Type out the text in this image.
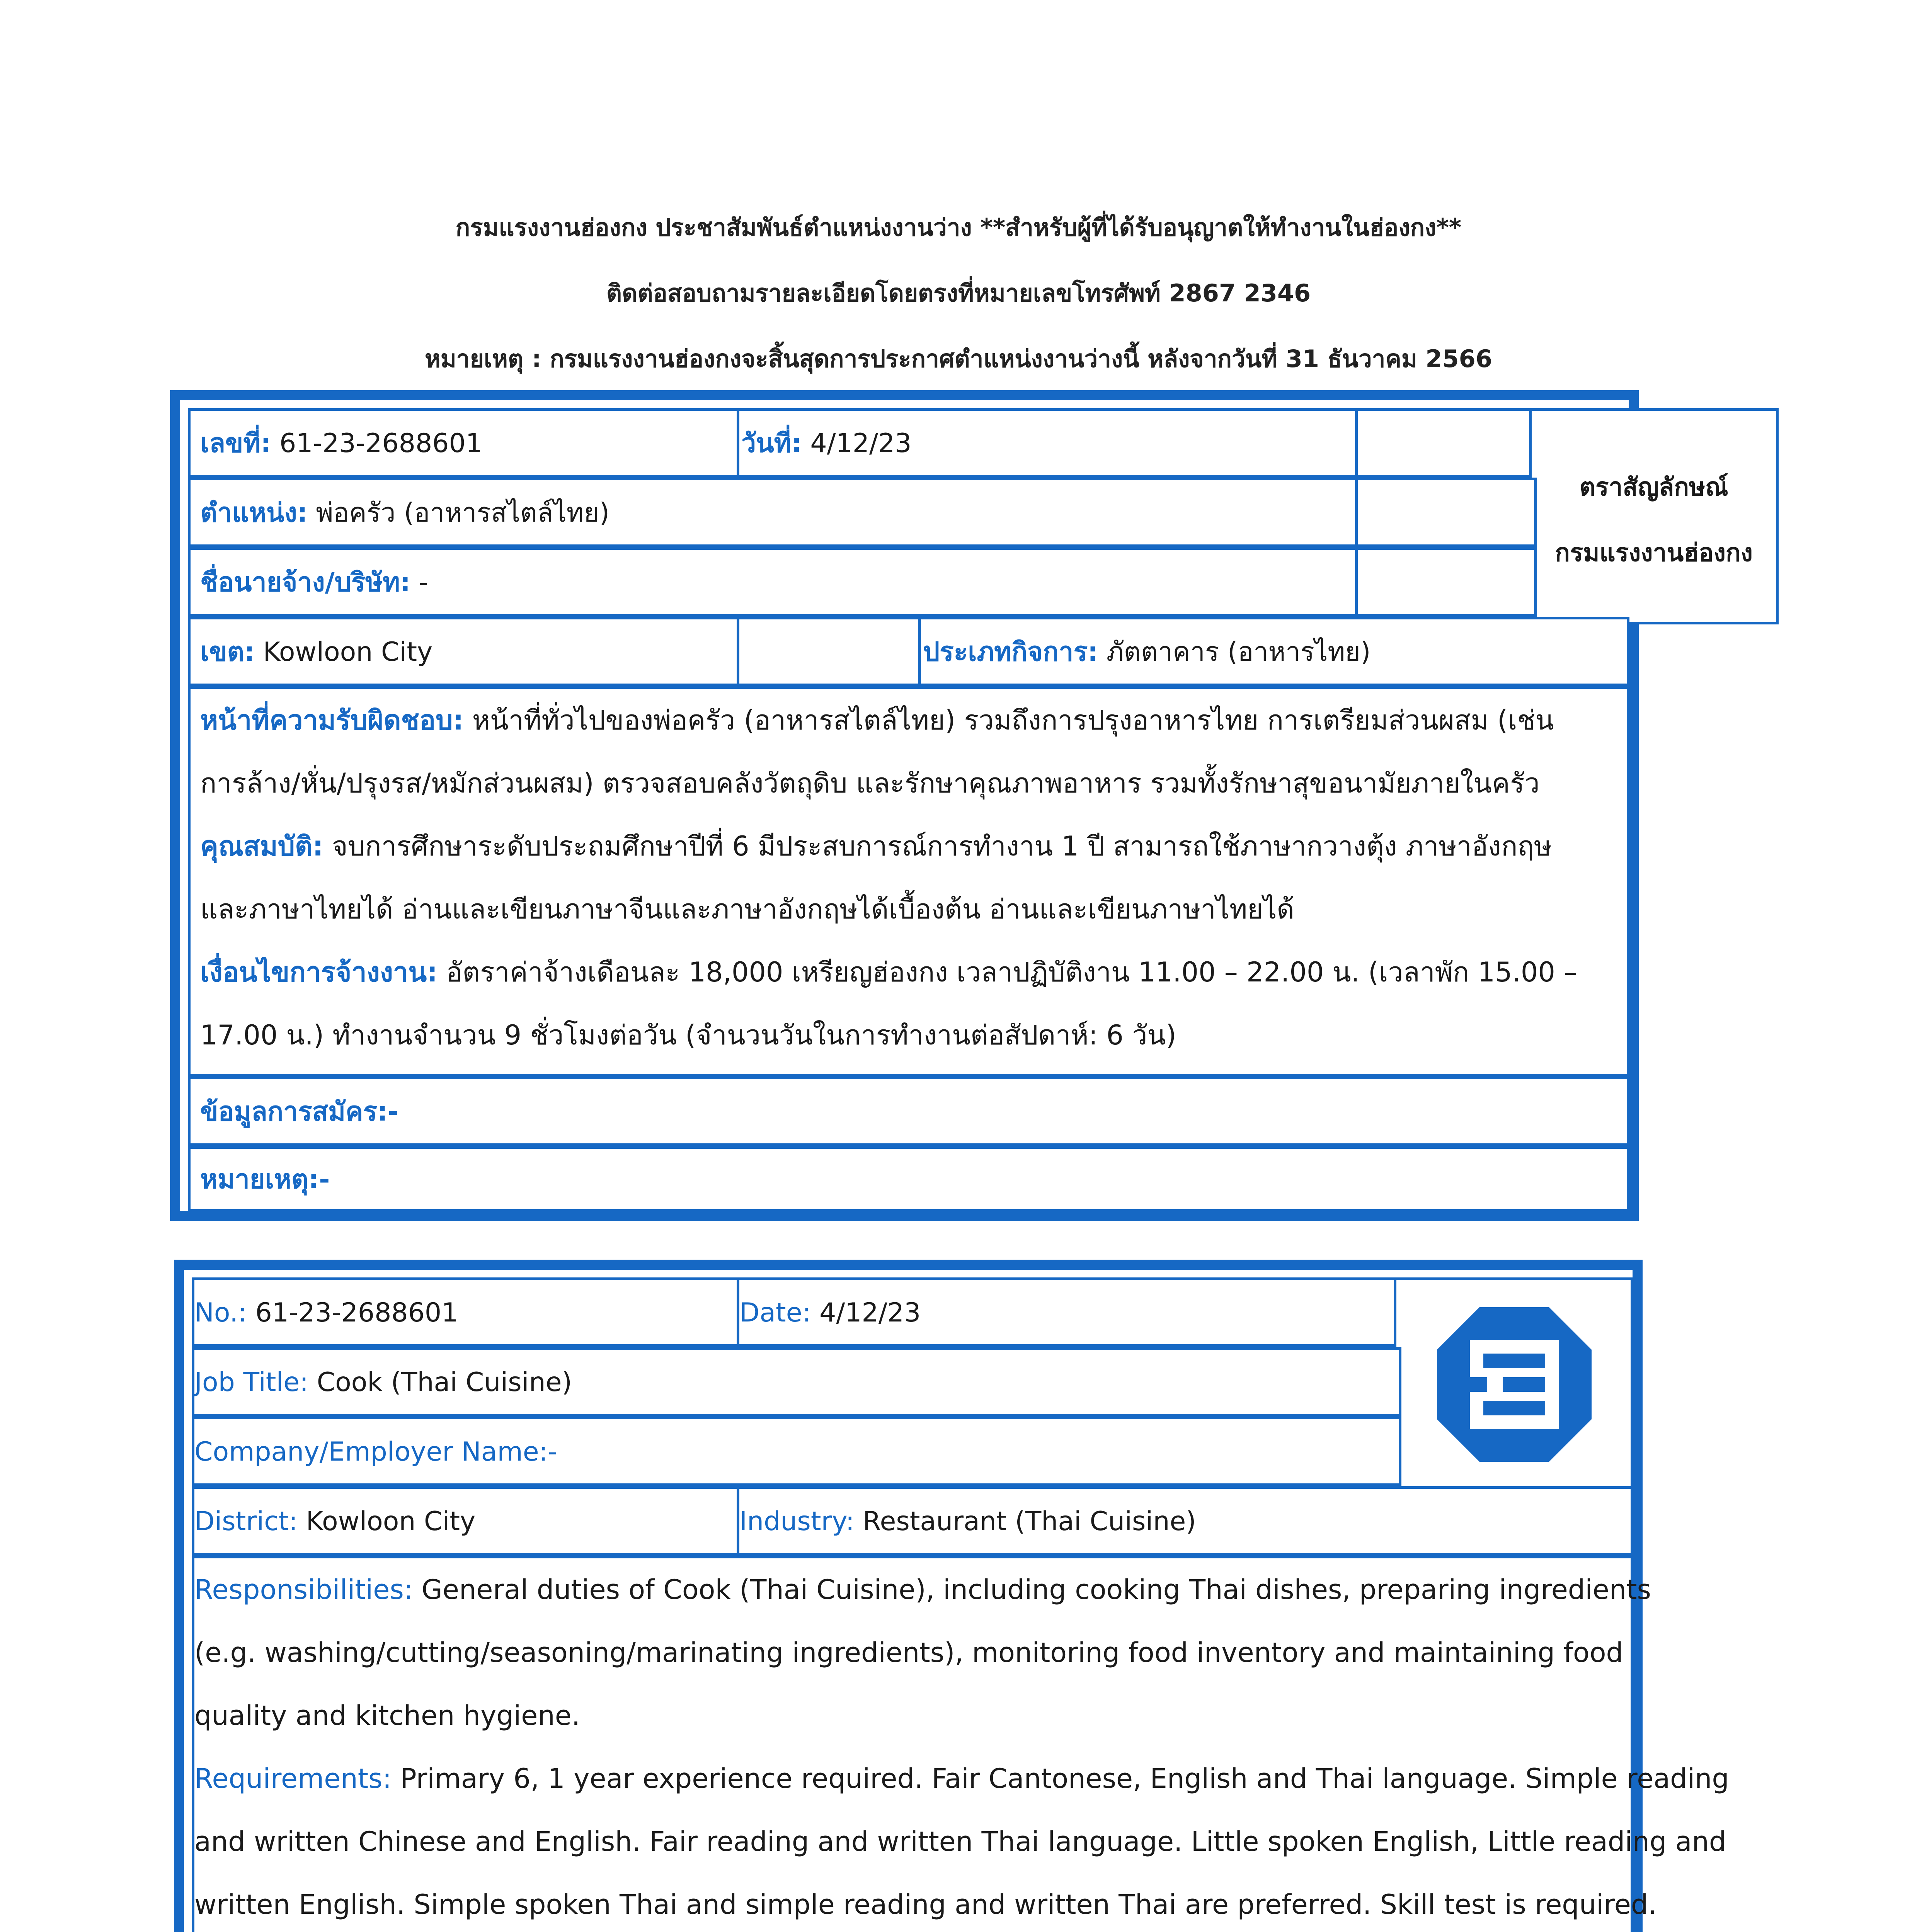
กรมแรงงานฮ่องกง ประชาสัมพันธ์ตำแหน่งงานว่าง **สำหรับผู้ที่ได้รับอนุญาตให้ทำงานในฮ่องกง**
ติดต่อสอบถามรายละเอียดโดยตรงที่หมายเลขโทรศัพท์ 2867 2346
หมายเหตุ : กรมแรงงานฮ่องกงจะสิ้นสุดการประกาศตำแหน่งงานว่างนี้ หลังจากวันที่ 31 ธันวาคม 2566
เลขที่: 61-23-2688601	วันที่: 4/12/23
ตราสัญลักษณ์
กรมแรงงานฮ่องกง
ตำแหน่ง: พ่อครัว (อาหารสไตล์ไทย)
ชื่อนายจ้าง/บริษัท: -
เขต: Kowloon City	ประเภทกิจการ: ภัตตาคาร (อาหารไทย)
หน้าที่ความรับผิดชอบ: หน้าที่ทั่วไปของพ่อครัว (อาหารสไตล์ไทย) รวมถึงการปรุงอาหารไทย การเตรียมส่วนผสม (เช่น
การล้าง/หั่น/ปรุงรส/หมักส่วนผสม) ตรวจสอบคลังวัตถุดิบ และรักษาคุณภาพอาหาร รวมทั้งรักษาสุขอนามัยภายในครัว
คุณสมบัติ: จบการศึกษาระดับประถมศึกษาปีที่ 6 มีประสบการณ์การทำงาน 1 ปี สามารถใช้ภาษากวางตุ้ง ภาษาอังกฤษ
และภาษาไทยได้ อ่านและเขียนภาษาจีนและภาษาอังกฤษได้เบื้องต้น อ่านและเขียนภาษาไทยได้
เงื่อนไขการจ้างงาน: อัตราค่าจ้างเดือนละ 18,000 เหรียญฮ่องกง เวลาปฏิบัติงาน 11.00 – 22.00 น. (เวลาพัก 15.00 –
17.00 น.) ทำงานจำนวน 9 ชั่วโมงต่อวัน (จำนวนวันในการทำงานต่อสัปดาห์: 6 วัน)
ข้อมูลการสมัคร:-
หมายเหตุ:-
No.: 61-23-2688601	Date: 4/12/23
Job Title: Cook (Thai Cuisine)
Company/Employer Name:-
District: Kowloon City	Industry: Restaurant (Thai Cuisine)
Responsibilities: General duties of Cook (Thai Cuisine), including cooking Thai dishes, preparing ingredients
(e.g. washing/cutting/seasoning/marinating ingredients), monitoring food inventory and maintaining food
quality and kitchen hygiene.
Requirements: Primary 6, 1 year experience required. Fair Cantonese, English and Thai language. Simple reading
and written Chinese and English. Fair reading and written Thai language. Little spoken English, Little reading and
written English. Simple spoken Thai and simple reading and written Thai are preferred. Skill test is required.
